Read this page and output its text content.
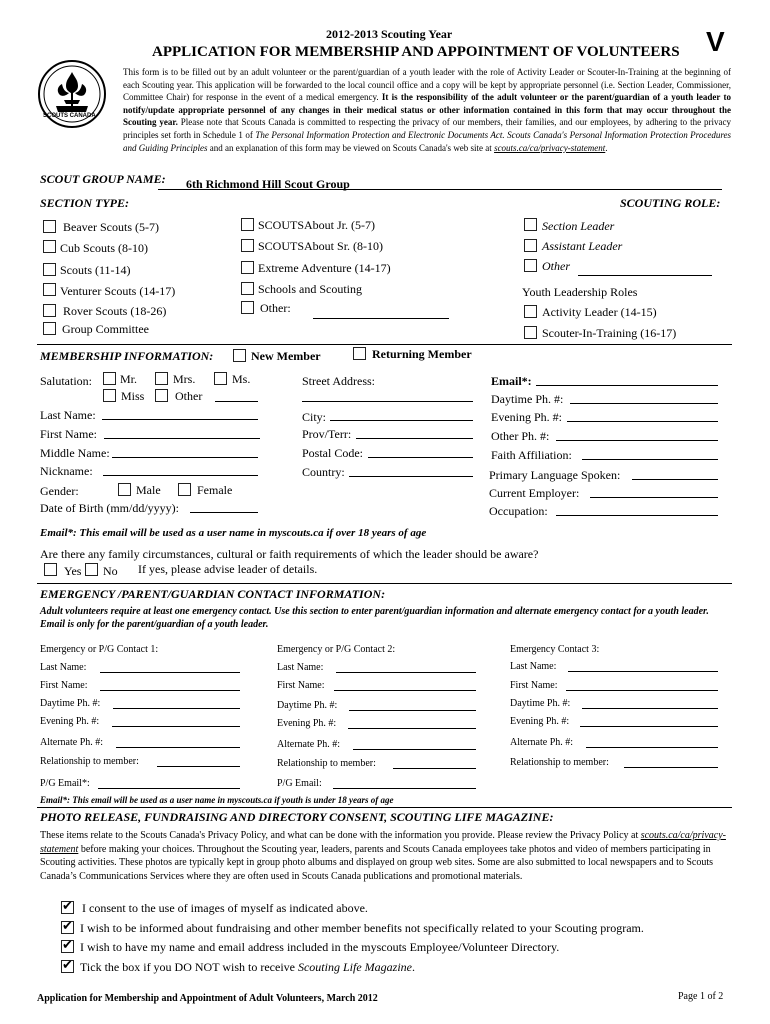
SCOUTS CANADA
2012-2013 Scouting Year
APPLICATION FOR MEMBERSHIP AND APPOINTMENT OF VOLUNTEERS V
This form is to be filled out by an adult volunteer or the parent/guardian of a youth leader with the role of Activity Leader or Scouter-In-Training at the beginning of each Scouting year. This application will be forwarded to the local council office and a copy will be kept by appropriate personnel (i.e. Section Leader, Commissioner, Committee Chair) for response in the event of a medical emergency. It is the responsibility of the adult volunteer or the parent/guardian of a youth leader to notify/update appropriate personnel of any changes in their medical status or other information contained in this form that may occur throughout the Scouting year. Please note that Scouts Canada is committed to respecting the privacy of our members, their families, and our employees, by adhering to the privacy principles set forth in Schedule 1 of The Personal Information Protection and Electronic Documents Act. Scouts Canada's Personal Information Protection Procedures and Guiding Principles and an explanation of this form may be viewed on Scouts Canada's web site at scouts.ca/ca/privacy-statement.
SCOUT GROUP NAME: 6th Richmond Hill Scout Group
SECTION TYPE:	SCOUTING ROLE:
Beaver Scouts (5-7)
Cub Scouts (8-10)
Scouts (11-14)
Venturer Scouts (14-17)
Rover Scouts (18-26)
Group Committee
SCOUTSAbout Jr. (5-7)
SCOUTSAbout Sr. (8-10)
Extreme Adventure (14-17)
Schools and Scouting
Other:
Section Leader
Assistant Leader
Other
Youth Leadership Roles
Activity Leader (14-15)
Scouter-In-Training (16-17)
MEMBERSHIP INFORMATION:	New Member	Returning Member
Salutation: Mr.	Mrs.	Ms.
Miss	Other
Last Name:
First Name:
Middle Name:
Nickname:
Gender:	Male	Female
Date of Birth (mm/dd/yyyy):
Street Address:
City:
Prov/Terr:
Postal Code:
Country:
Email*:
Daytime Ph. #:
Evening Ph. #:
Other Ph. #:
Faith Affiliation:
Primary Language Spoken:
Current Employer:
Occupation:
Email*: This email will be used as a user name in myscouts.ca if over 18 years of age
Are there any family circumstances, cultural or faith requirements of which the leader should be aware?
Yes No If yes, please advise leader of details.
EMERGENCY /PARENT/GUARDIAN CONTACT INFORMATION:
Adult volunteers require at least one emergency contact. Use this section to enter parent/guardian information and alternate emergency contact for a youth leader. Email is only for the parent/guardian of a youth leader.
Emergency or P/G Contact 1:
Last Name:
First Name:
Daytime Ph. #:
Evening Ph. #:
Alternate Ph. #:
Relationship to member:
P/G Email*:
Emergency or P/G Contact 2:
Last Name:
First Name:
Daytime Ph. #:
Evening Ph. #:
Alternate Ph. #:
Relationship to member:
P/G Email:
Emergency Contact 3:
Last Name:
First Name:
Daytime Ph. #:
Evening Ph. #:
Alternate Ph. #:
Relationship to member:
Email*: This email will be used as a user name in myscouts.ca if youth is under 18 years of age
PHOTO RELEASE, FUNDRAISING AND DIRECTORY CONSENT, SCOUTING LIFE MAGAZINE:
These items relate to the Scouts Canada's Privacy Policy, and what can be done with the information you provide. Please review the Privacy Policy at scouts.ca/ca/privacy-statement before making your choices. Throughout the Scouting year, leaders, parents and Scouts Canada employees take photos and video of members participating in Scouting activities. These photos are typically kept in group photo albums and displayed on group web sites. Some are also submitted to local newspapers and to Scouts Canada’s Communications Services where they are often used in Scouts Canada publications and promotional materials.
✔
I consent to the use of images of myself as indicated above.
✔
I wish to be informed about fundraising and other member benefits not specifically related to your Scouting program.
✔
I wish to have my name and email address included in the myscouts Employee/Volunteer Directory.
✔
Tick the box if you DO NOT wish to receive Scouting Life Magazine.
Application for Membership and Appointment of Adult Volunteers, March 2012	Page 1 of 2
